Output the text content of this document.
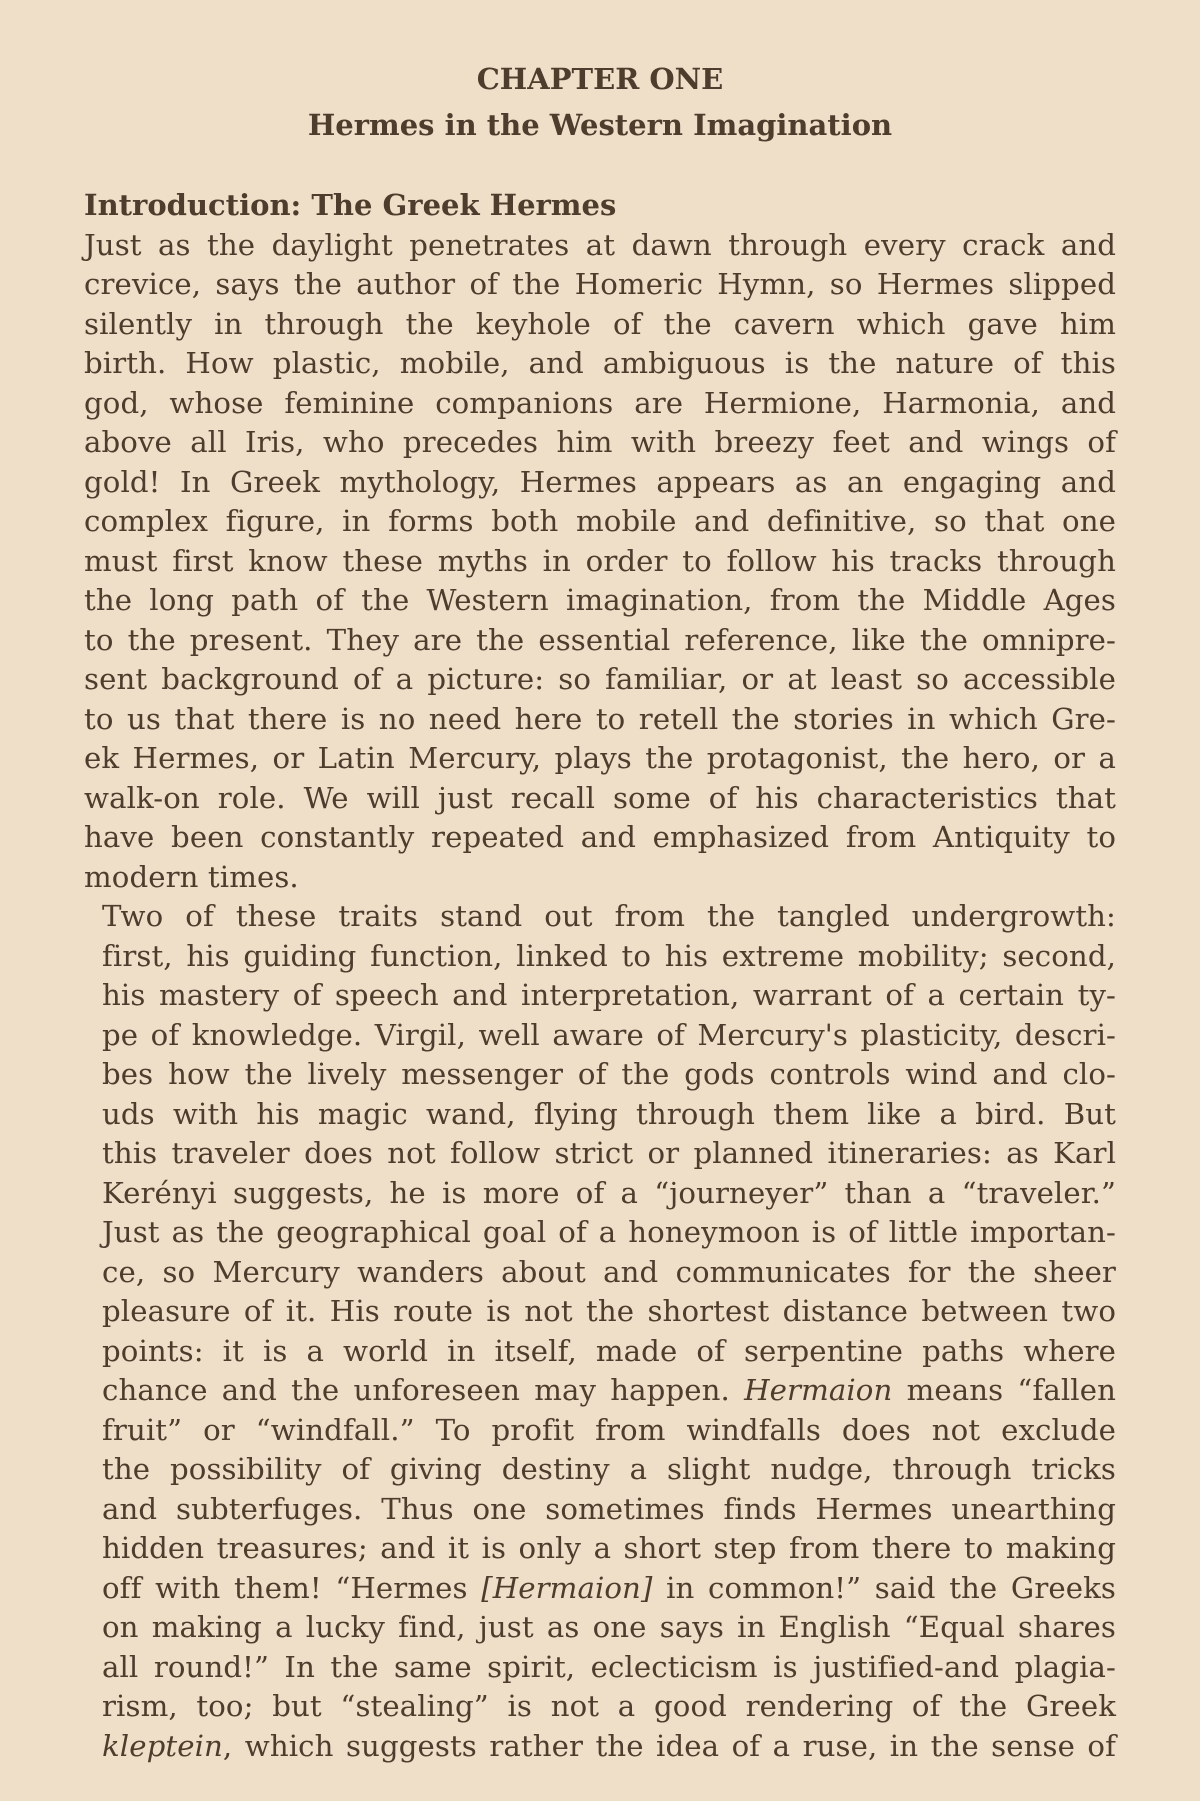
CHAPTER ONE
Hermes in the Western Imagination
Introduction: The Greek Hermes
Just as the daylight penetrates at dawn through every crack and
crevice, says the author of the Homeric Hymn, so Hermes slipped
silently in through the keyhole of the cavern which gave him
birth. How plastic, mobile, and ambiguous is the nature of this
god, whose feminine companions are Hermione, Harmonia, and
above all Iris, who precedes him with breezy feet and wings of
gold! In Greek mythology, Hermes appears as an engaging and
complex figure, in forms both mobile and definitive, so that one
must first know these myths in order to follow his tracks through
the long path of the Western imagination, from the Middle Ages
to the present. They are the essential reference, like the omnipre-
sent background of a picture: so familiar, or at least so accessible
to us that there is no need here to retell the stories in which Gre-
ek Hermes, or Latin Mercury, plays the protagonist, the hero, or a
walk-on role. We will just recall some of his characteristics that
have been constantly repeated and emphasized from Antiquity to
modern times.
Two of these traits stand out from the tangled undergrowth:
first, his guiding function, linked to his extreme mobility; second,
his mastery of speech and interpretation, warrant of a certain ty-
pe of knowledge. Virgil, well aware of Mercury's plasticity, descri-
bes how the lively messenger of the gods controls wind and clo-
uds with his magic wand, flying through them like a bird. But
this traveler does not follow strict or planned itineraries: as Karl
Kerényi suggests, he is more of a “journeyer” than a “traveler.”
Just as the geographical goal of a honeymoon is of little importan-
ce, so Mercury wanders about and communicates for the sheer
pleasure of it. His route is not the shortest distance between two
points: it is a world in itself, made of serpentine paths where
chance and the unforeseen may happen. Hermaion means “fallen
fruit” or “windfall.” To profit from windfalls does not exclude
the possibility of giving destiny a slight nudge, through tricks
and subterfuges. Thus one sometimes finds Hermes unearthing
hidden treasures; and it is only a short step from there to making
off with them! “Hermes [Hermaion] in common!” said the Greeks
on making a lucky find, just as one says in English “Equal shares
all round!” In the same spirit, eclecticism is justified-and plagia-
rism, too; but “stealing” is not a good rendering of the Greek
kleptein, which suggests rather the idea of a ruse, in the sense of
